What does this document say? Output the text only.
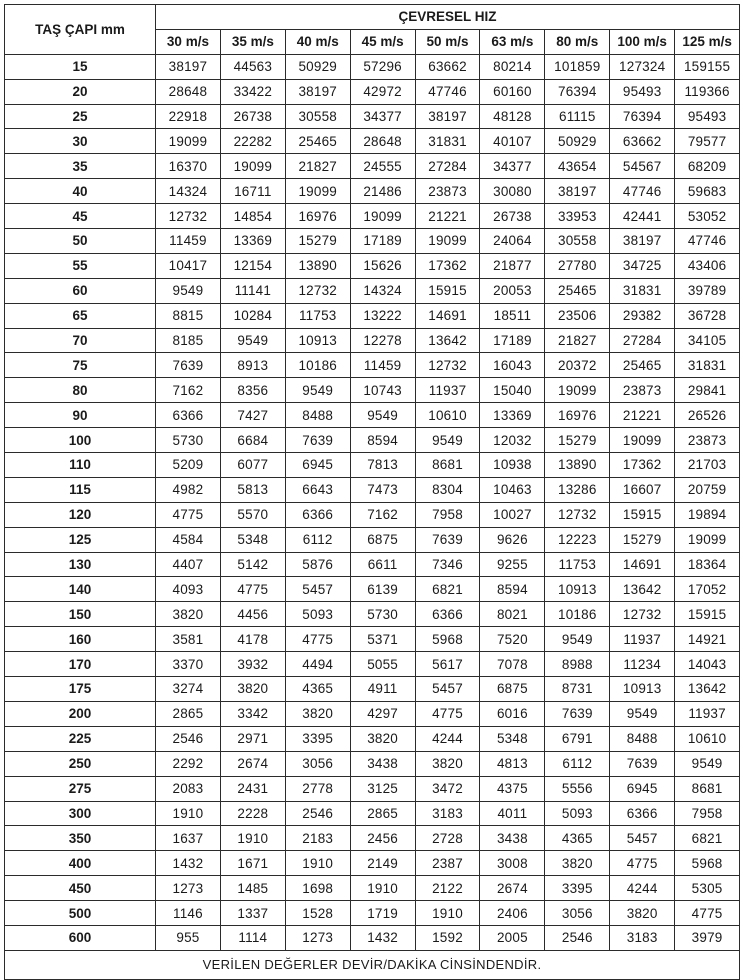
TAŞ ÇAPI mm	ÇEVRESEL HIZ								
	30 m/s	35 m/s	40 m/s	45 m/s	50 m/s	63 m/s	80 m/s	100 m/s	125 m/s
15	38197	44563	50929	57296	63662	80214	101859	127324	159155
20	28648	33422	38197	42972	47746	60160	76394	95493	119366
25	22918	26738	30558	34377	38197	48128	61115	76394	95493
30	19099	22282	25465	28648	31831	40107	50929	63662	79577
35	16370	19099	21827	24555	27284	34377	43654	54567	68209
40	14324	16711	19099	21486	23873	30080	38197	47746	59683
45	12732	14854	16976	19099	21221	26738	33953	42441	53052
50	11459	13369	15279	17189	19099	24064	30558	38197	47746
55	10417	12154	13890	15626	17362	21877	27780	34725	43406
60	9549	11141	12732	14324	15915	20053	25465	31831	39789
65	8815	10284	11753	13222	14691	18511	23506	29382	36728
70	8185	9549	10913	12278	13642	17189	21827	27284	34105
75	7639	8913	10186	11459	12732	16043	20372	25465	31831
80	7162	8356	9549	10743	11937	15040	19099	23873	29841
90	6366	7427	8488	9549	10610	13369	16976	21221	26526
100	5730	6684	7639	8594	9549	12032	15279	19099	23873
110	5209	6077	6945	7813	8681	10938	13890	17362	21703
115	4982	5813	6643	7473	8304	10463	13286	16607	20759
120	4775	5570	6366	7162	7958	10027	12732	15915	19894
125	4584	5348	6112	6875	7639	9626	12223	15279	19099
130	4407	5142	5876	6611	7346	9255	11753	14691	18364
140	4093	4775	5457	6139	6821	8594	10913	13642	17052
150	3820	4456	5093	5730	6366	8021	10186	12732	15915
160	3581	4178	4775	5371	5968	7520	9549	11937	14921
170	3370	3932	4494	5055	5617	7078	8988	11234	14043
175	3274	3820	4365	4911	5457	6875	8731	10913	13642
200	2865	3342	3820	4297	4775	6016	7639	9549	11937
225	2546	2971	3395	3820	4244	5348	6791	8488	10610
250	2292	2674	3056	3438	3820	4813	6112	7639	9549
275	2083	2431	2778	3125	3472	4375	5556	6945	8681
300	1910	2228	2546	2865	3183	4011	5093	6366	7958
350	1637	1910	2183	2456	2728	3438	4365	5457	6821
400	1432	1671	1910	2149	2387	3008	3820	4775	5968
450	1273	1485	1698	1910	2122	2674	3395	4244	5305
500	1146	1337	1528	1719	1910	2406	3056	3820	4775
600	955	1114	1273	1432	1592	2005	2546	3183	3979
VERİLEN DEĞERLER DEVİR/DAKİKA CİNSİNDENDİR.									
